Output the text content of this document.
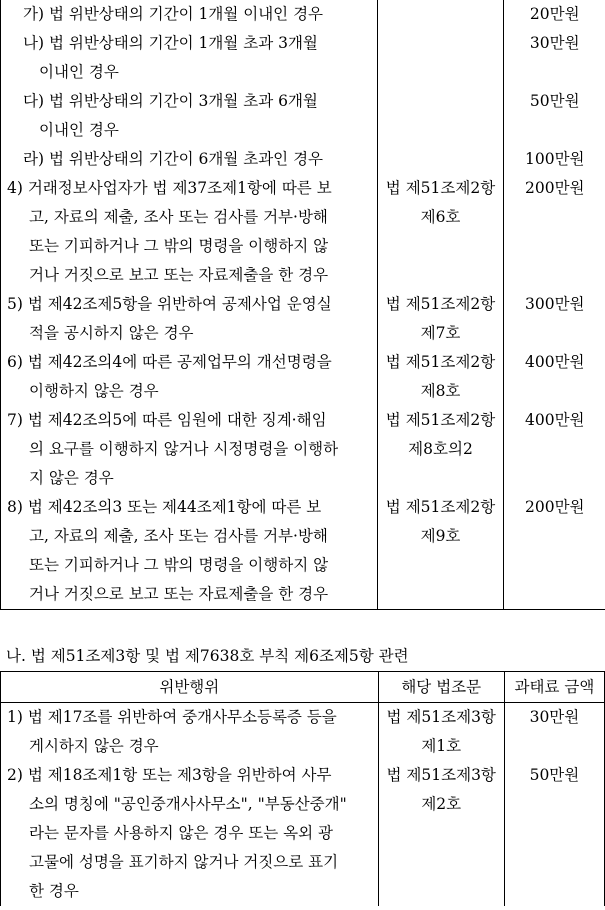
가) 법 위반상태의 기간이 1개월 이내인 경우		20만원

나) 법 위반상태의 기간이 1개월 초과 3개월
이내인 경우		30만원

다) 법 위반상태의 기간이 3개월 초과 6개월
이내인 경우		50만원

라) 법 위반상태의 기간이 6개월 초과인 경우		100만원

4) 거래정보사업자가 법 제37조제1항에 따른 보
고, 자료의 제출, 조사 또는 검사를 거부·방해
또는 기피하거나 그 밖의 명령을 이행하지 않
거나 거짓으로 보고 또는 자료제출을 한 경우	법 제51조제2항
제6호	200만원

5) 법 제42조제5항을 위반하여 공제사업 운영실
적을 공시하지 않은 경우	법 제51조제2항
제7호	300만원

6) 법 제42조의4에 따른 공제업무의 개선명령을
이행하지 않은 경우	법 제51조제2항
제8호	400만원

7) 법 제42조의5에 따른 임원에 대한 징계·해임
의 요구를 이행하지 않거나 시정명령을 이행하
지 않은 경우	법 제51조제2항
제8호의2	400만원

8) 법 제42조의3 또는 제44조제1항에 따른 보
고, 자료의 제출, 조사 또는 검사를 거부·방해
또는 기피하거나 그 밖의 명령을 이행하지 않
거나 거짓으로 보고 또는 자료제출을 한 경우	법 제51조제2항
제9호	200만원
나. 법 제51조제3항 및 법 제7638호 부칙 제6조제5항 관련
위반행위	해당 법조문	과태료 금액

1) 법 제17조를 위반하여 중개사무소등록증 등을
게시하지 않은 경우	법 제51조제3항
제1호	30만원

2) 법 제18조제1항 또는 제3항을 위반하여 사무
소의 명칭에 "공인중개사사무소", "부동산중개"
라는 문자를 사용하지 않은 경우 또는 옥외 광
고물에 성명을 표기하지 않거나 거짓으로 표기
한 경우	법 제51조제3항
제2호	50만원
